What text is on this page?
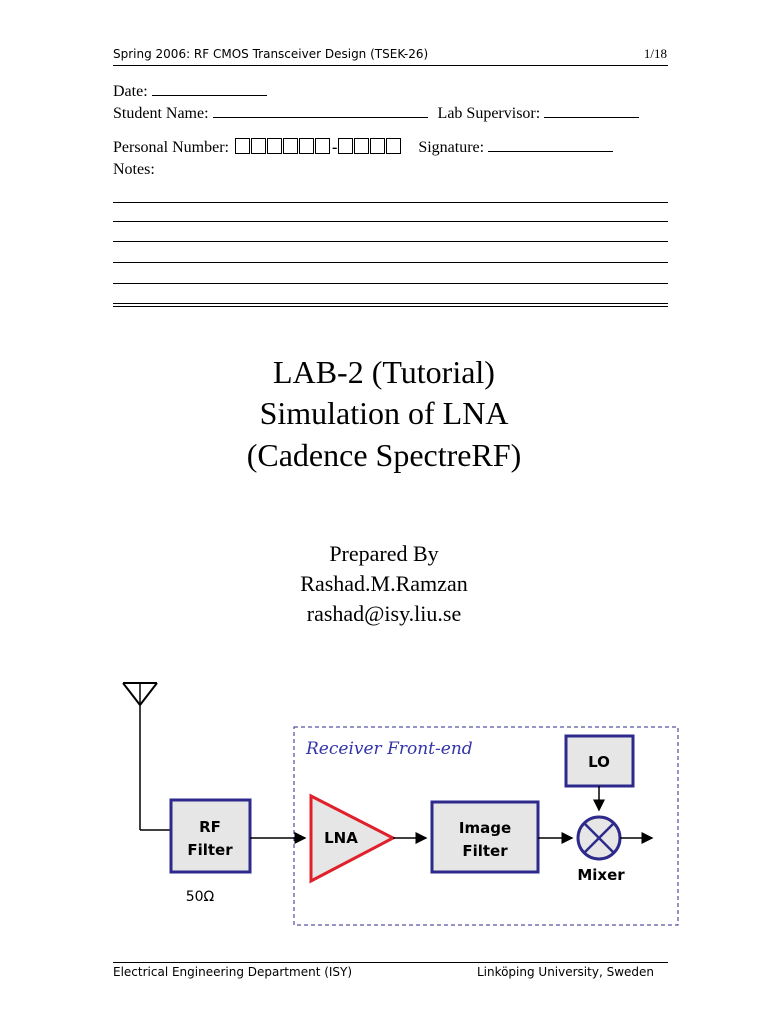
Spring 2006: RF CMOS Transceiver Design (TSEK-26)	1/18
Date:
Student Name:	Lab Supervisor:
Personal Number:	-	Signature:
Notes:
LAB-2 (Tutorial)
Simulation of LNA
(Cadence SpectreRF)
Prepared By
Rashad.M.Ramzan
rashad@isy.liu.se
Receiver Front-end
RF
Filter
50Ω
LNA
Image
Filter
LO
Mixer
Electrical Engineering Department (ISY)	Linköping University, Sweden
